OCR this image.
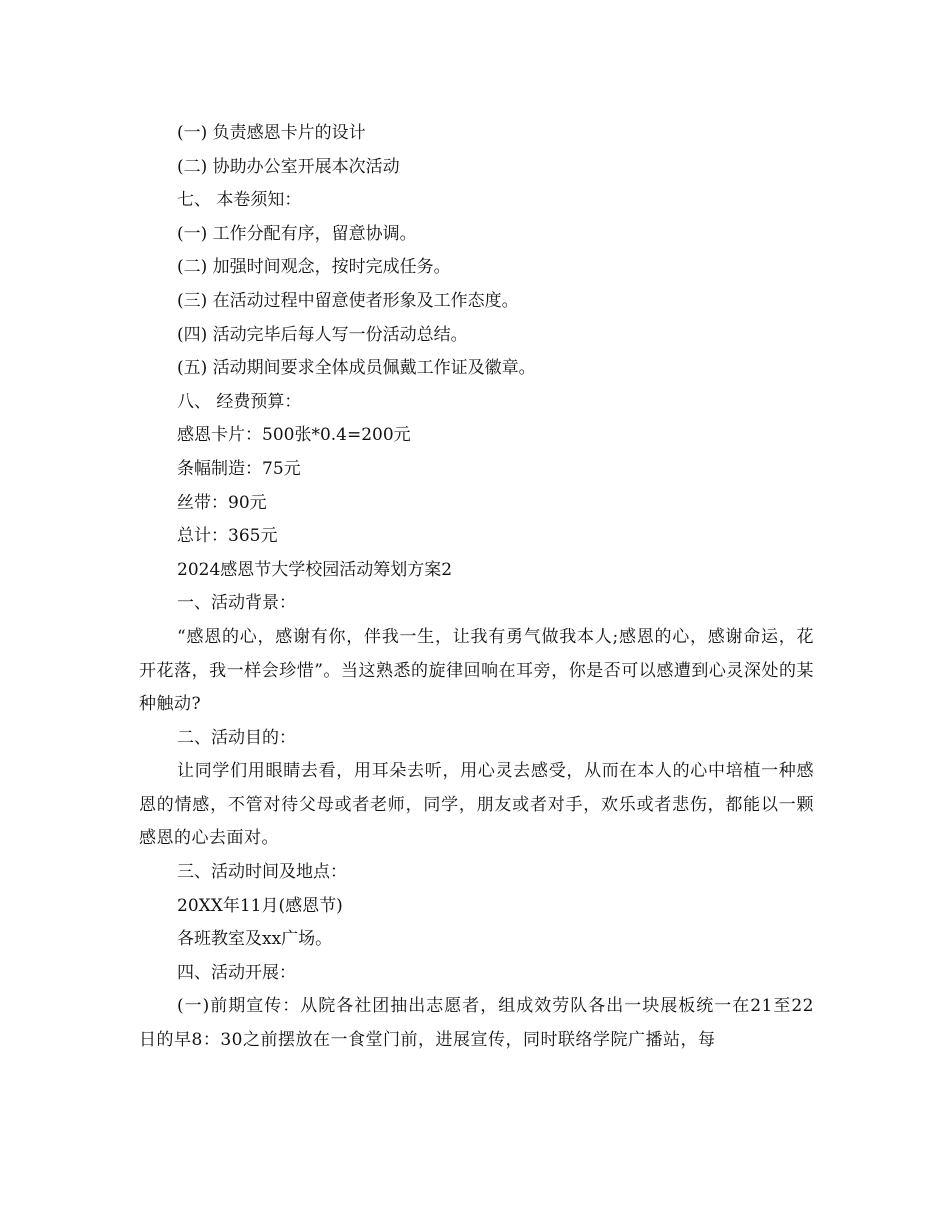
(一) 负责感恩卡片的设计
(二) 协助办公室开展本次活动
七、 本卷须知：
(一) 工作分配有序，留意协调。
(二) 加强时间观念，按时完成任务。
(三) 在活动过程中留意使者形象及工作态度。
(四) 活动完毕后每人写一份活动总结。
(五) 活动期间要求全体成员佩戴工作证及徽章。
八、 经费预算：
感恩卡片：500张*0.4=200元
条幅制造：75元
丝带：90元
总计：365元
2024感恩节大学校园活动筹划方案2
一、活动背景：
“感恩的心，感谢有你，伴我一生，让我有勇气做我本人;感恩的心，感谢命运，花开花落，我一样会珍惜”。当这熟悉的旋律回响在耳旁，你是否可以感遭到心灵深处的某种触动?
二、活动目的：
让同学们用眼睛去看，用耳朵去听，用心灵去感受，从而在本人的心中培植一种感恩的情感，不管对待父母或者老师，同学，朋友或者对手，欢乐或者悲伤，都能以一颗感恩的心去面对。
三、活动时间及地点：
20XX年11月(感恩节)
各班教室及xx广场。
四、活动开展：
(一)前期宣传：从院各社团抽出志愿者，组成效劳队各出一块展板统一在21至22日的早8：30之前摆放在一食堂门前，进展宣传，同时联络学院广播站，每
